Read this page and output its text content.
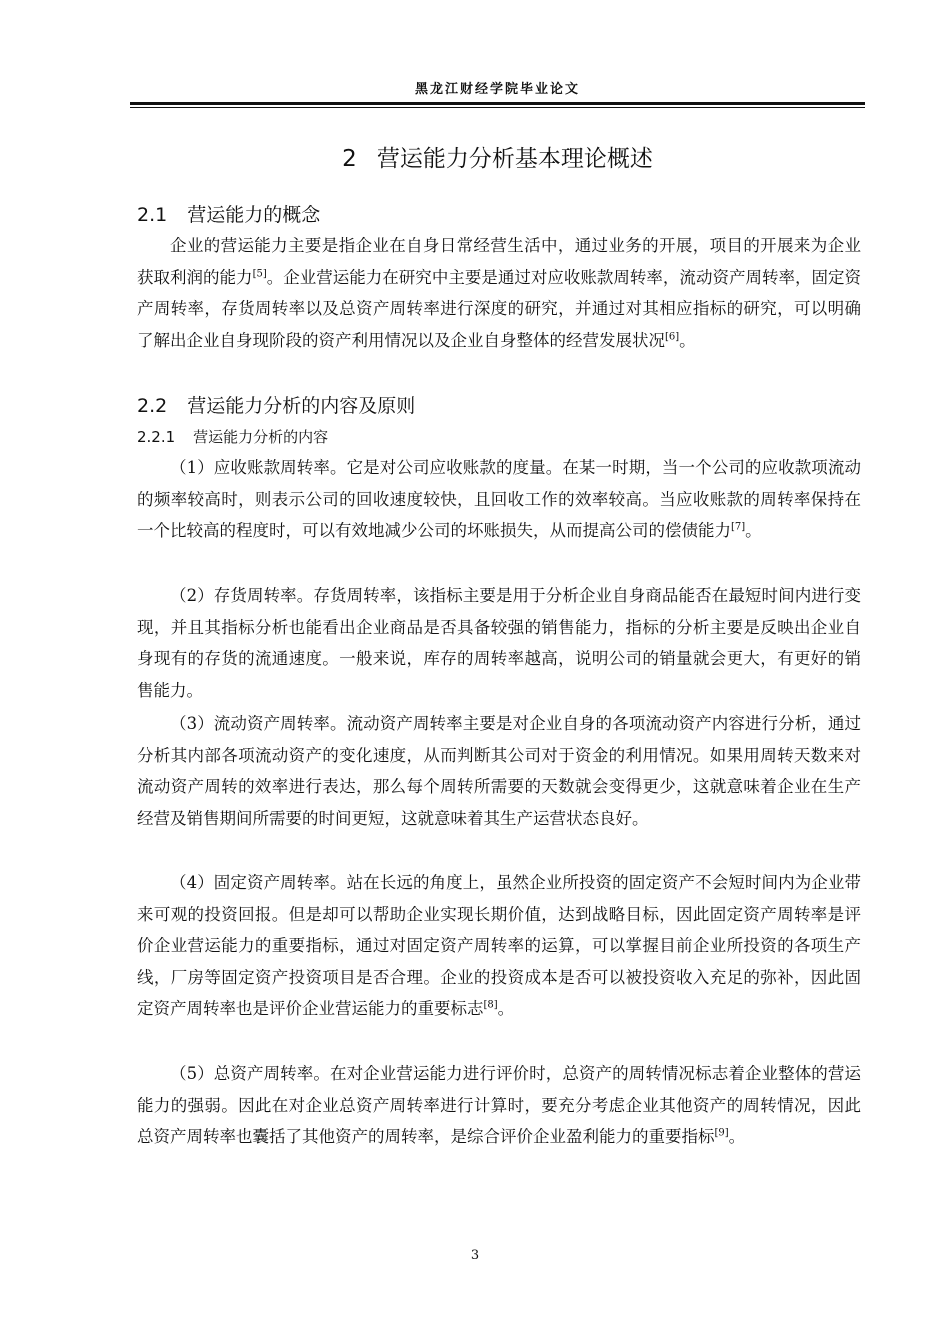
黑龙江财经学院毕业论文
2 营运能力分析基本理论概述
2.1 营运能力的概念

企业的营运能力主要是指企业在自身日常经营生活中，通过业务的开展，项目的开展来为企业获取利润的能力[5]。企业营运能力在研究中主要是通过对应收账款周转率，流动资产周转率，固定资产周转率，存货周转率以及总资产周转率进行深度的研究，并通过对其相应指标的研究，可以明确了解出企业自身现阶段的资产利用情况以及企业自身整体的经营发展状况[6]。

2.2 营运能力分析的内容及原则
2.2.1 营运能力分析的内容

（1）应收账款周转率。它是对公司应收账款的度量。在某一时期，当一个公司的应收款项流动的频率较高时，则表示公司的回收速度较快，且回收工作的效率较高。当应收账款的周转率保持在一个比较高的程度时，可以有效地减少公司的坏账损失，从而提高公司的偿债能力[7]。

（2）存货周转率。存货周转率，该指标主要是用于分析企业自身商品能否在最短时间内进行变现，并且其指标分析也能看出企业商品是否具备较强的销售能力，指标的分析主要是反映出企业自身现有的存货的流通速度。一般来说，库存的周转率越高，说明公司的销量就会更大，有更好的销售能力。

（3）流动资产周转率。流动资产周转率主要是对企业自身的各项流动资产内容进行分析，通过分析其内部各项流动资产的变化速度，从而判断其公司对于资金的利用情况。如果用周转天数来对流动资产周转的效率进行表达，那么每个周转所需要的天数就会变得更少，这就意味着企业在生产经营及销售期间所需要的时间更短，这就意味着其生产运营状态良好。

（4）固定资产周转率。站在长远的角度上，虽然企业所投资的固定资产不会短时间内为企业带来可观的投资回报。但是却可以帮助企业实现长期价值，达到战略目标，因此固定资产周转率是评价企业营运能力的重要指标，通过对固定资产周转率的运算，可以掌握目前企业所投资的各项生产线，厂房等固定资产投资项目是否合理。企业的投资成本是否可以被投资收入充足的弥补，因此固定资产周转率也是评价企业营运能力的重要标志[8]。

（5）总资产周转率。在对企业营运能力进行评价时，总资产的周转情况标志着企业整体的营运能力的强弱。因此在对企业总资产周转率进行计算时，要充分考虑企业其他资产的周转情况，因此总资产周转率也囊括了其他资产的周转率，是综合评价企业盈利能力的重要指标[9]。

3
